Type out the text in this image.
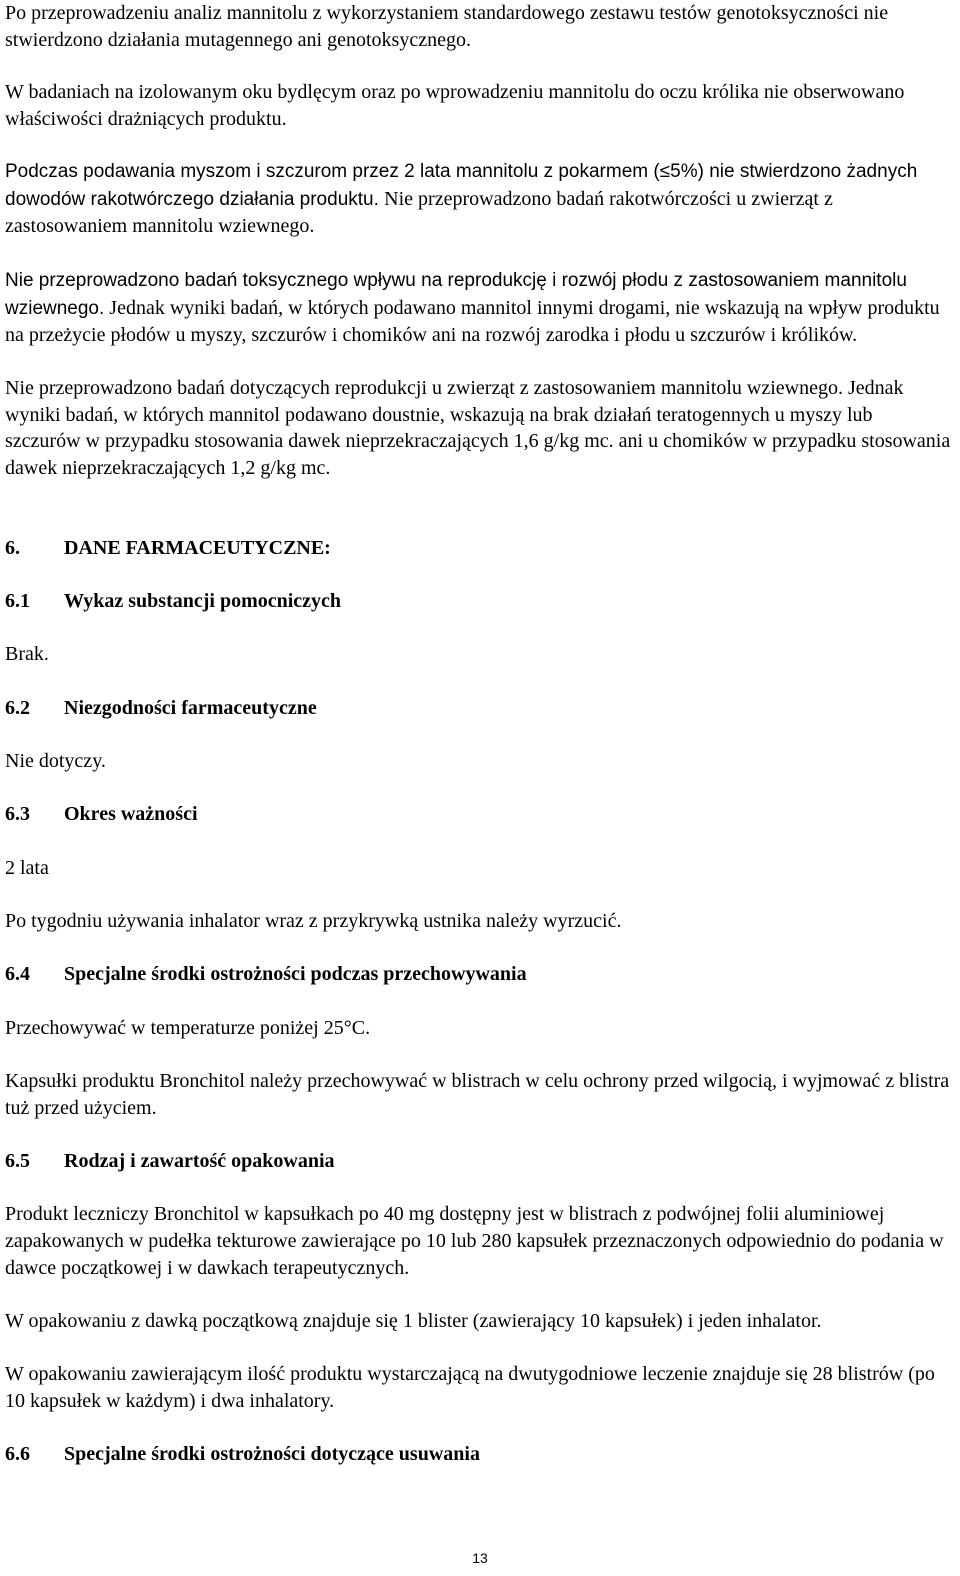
Po przeprowadzeniu analiz mannitolu z wykorzystaniem standardowego zestawu testów genotoksyczności nie stwierdzono działania mutagennego ani genotoksycznego.

W badaniach na izolowanym oku bydlęcym oraz po wprowadzeniu mannitolu do oczu królika nie obserwowano właściwości drażniących produktu.

Podczas podawania myszom i szczurom przez 2 lata mannitolu z pokarmem (≤5%) nie stwierdzono żadnych dowodów rakotwórczego działania produktu. Nie przeprowadzono badań rakotwórczości u zwierząt z zastosowaniem mannitolu wziewnego.

Nie przeprowadzono badań toksycznego wpływu na reprodukcję i rozwój płodu z zastosowaniem mannitolu wziewnego. Jednak wyniki badań, w których podawano mannitol innymi drogami, nie wskazują na wpływ produktu na przeżycie płodów u myszy, szczurów i chomików ani na rozwój zarodka i płodu u szczurów i królików.

Nie przeprowadzono badań dotyczących reprodukcji u zwierząt z zastosowaniem mannitolu wziewnego. Jednak wyniki badań, w których mannitol podawano doustnie, wskazują na brak działań teratogennych u myszy lub szczurów w przypadku stosowania dawek nieprzekraczających 1,6 g/kg mc. ani u chomików w przypadku stosowania dawek nieprzekraczających 1,2 g/kg mc.

6.	DANE FARMACEUTYCZNE:
6.1	Wykaz substancji pomocniczych

Brak.

6.2	Niezgodności farmaceutyczne

Nie dotyczy.

6.3	Okres ważności

2 lata

Po tygodniu używania inhalator wraz z przykrywką ustnika należy wyrzucić.

6.4	Specjalne środki ostrożności podczas przechowywania

Przechowywać w temperaturze poniżej 25°C.

Kapsułki produktu Bronchitol należy przechowywać w blistrach w celu ochrony przed wilgocią, i wyjmować z blistra tuż przed użyciem.

6.5	Rodzaj i zawartość opakowania

Produkt leczniczy Bronchitol w kapsułkach po 40 mg dostępny jest w blistrach z podwójnej folii aluminiowej zapakowanych w pudełka tekturowe zawierające po 10 lub 280 kapsułek przeznaczonych odpowiednio do podania w dawce początkowej i w dawkach terapeutycznych.

W opakowaniu z dawką początkową znajduje się 1 blister (zawierający 10 kapsułek) i jeden inhalator.

W opakowaniu zawierającym ilość produktu wystarczającą na dwutygodniowe leczenie znajduje się 28 blistrów (po 10 kapsułek w każdym) i dwa inhalatory.

6.6	Specjalne środki ostrożności dotyczące usuwania
13
